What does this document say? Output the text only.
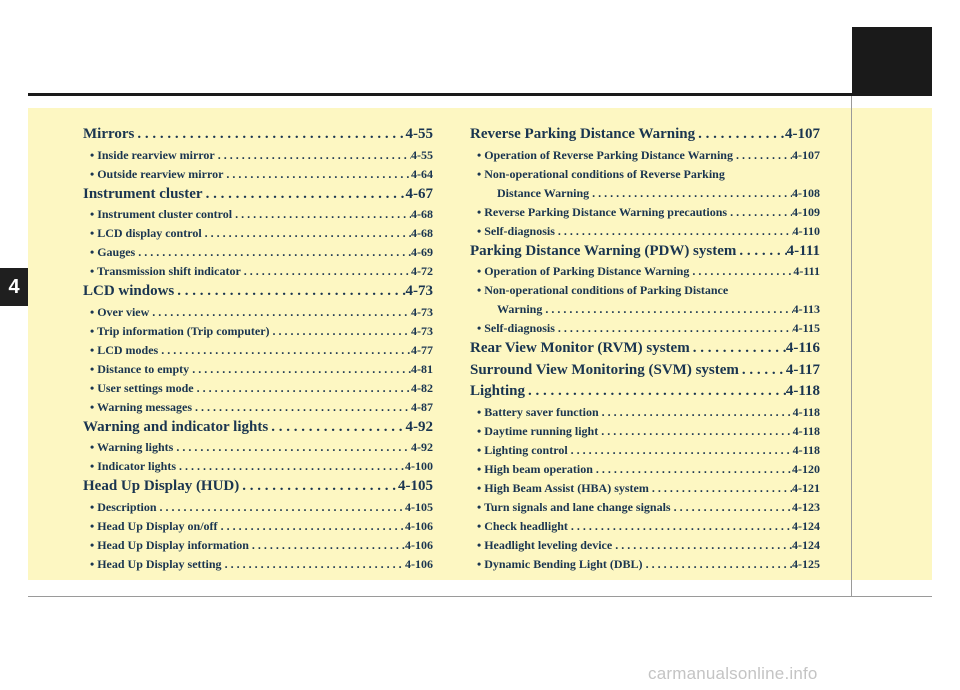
4
Mirrors . . .	4-55
• Inside rearview mirror . . .	4-55
• Outside rearview mirror . . .	4-64
Instrument cluster . . .	4-67
• Instrument cluster control . . .	4-68
• LCD display control . . .	4-68
• Gauges . . .	4-69
• Transmission shift indicator . . .	4-72
LCD windows . . .	4-73
• Over view . . .	4-73
• Trip information (Trip computer) . . .	4-73
• LCD modes . . .	4-77
• Distance to empty . . .	4-81
• User settings mode . . .	4-82
• Warning messages . . .	4-87
Warning and indicator lights . . .	4-92
• Warning lights . . .	4-92
• Indicator lights . . .	4-100
Head Up Display (HUD) . . .	4-105
• Description . . .	4-105
• Head Up Display on/off . . .	4-106
• Head Up Display information . . .	4-106
• Head Up Display setting . . .	4-106
Reverse Parking Distance Warning . . .	4-107
• Operation of Reverse Parking Distance Warning . . .	4-107
• Non-operational conditions of Reverse Parking
Distance Warning . . .	4-108
• Reverse Parking Distance Warning precautions . . .	4-109
• Self-diagnosis . . .	4-110
Parking Distance Warning (PDW) system . . .	4-111
• Operation of Parking Distance Warning . . .	4-111
• Non-operational conditions of Parking Distance
Warning . . .	4-113
• Self-diagnosis . . .	4-115
Rear View Monitor (RVM) system . . .	4-116
Surround View Monitoring (SVM) system . . .	4-117
Lighting . . .	4-118
• Battery saver function . . .	4-118
• Daytime running light . . .	4-118
• Lighting control . . .	4-118
• High beam operation . . .	4-120
• High Beam Assist (HBA) system . . .	4-121
• Turn signals and lane change signals . . .	4-123
• Check headlight . . .	4-124
• Headlight leveling device . . .	4-124
• Dynamic Bending Light (DBL) . . .	4-125
carmanualsonline.info
